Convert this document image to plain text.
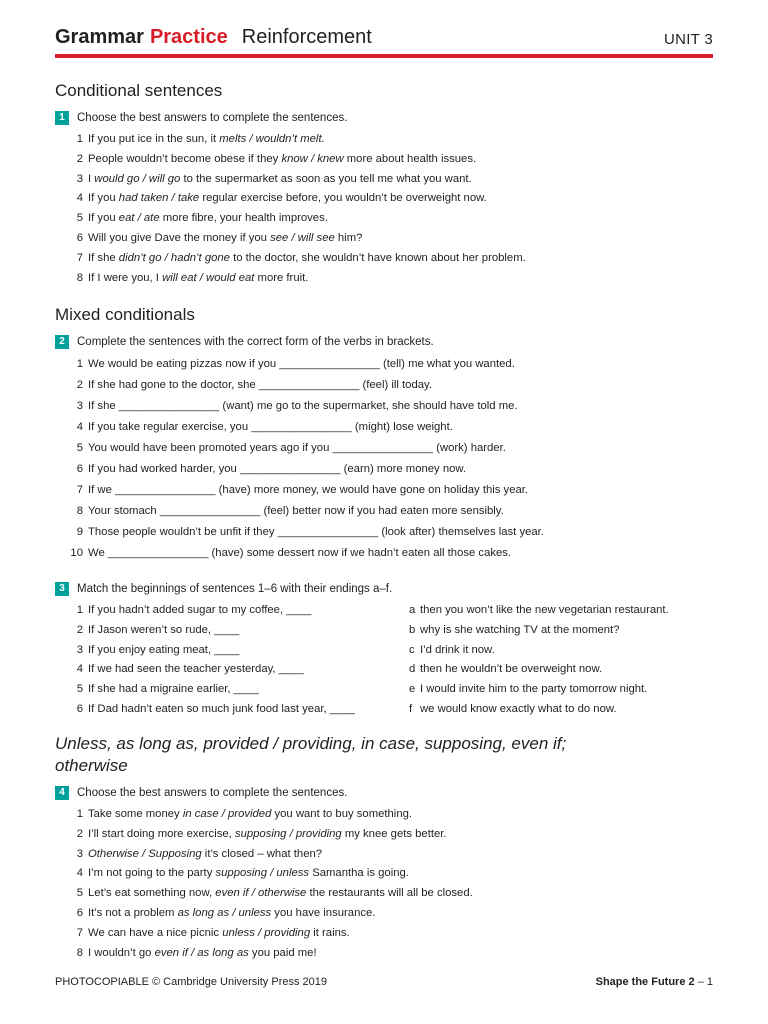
Grammar Practice Reinforcement	UNIT 3
Conditional sentences
1 Choose the best answers to complete the sentences.
1 If you put ice in the sun, it melts / wouldn’t melt.
2 People wouldn’t become obese if they know / knew more about health issues.
3 I would go / will go to the supermarket as soon as you tell me what you want.
4 If you had taken / take regular exercise before, you wouldn’t be overweight now.
5 If you eat / ate more fibre, your health improves.
6 Will you give Dave the money if you see / will see him?
7 If she didn’t go / hadn’t gone to the doctor, she wouldn’t have known about her problem.
8 If I were you, I will eat / would eat more fruit.
Mixed conditionals
2 Complete the sentences with the correct form of the verbs in brackets.
1 We would be eating pizzas now if you ________________ (tell) me what you wanted.
2 If she had gone to the doctor, she ________________ (feel) ill today.
3 If she ________________ (want) me go to the supermarket, she should have told me.
4 If you take regular exercise, you ________________ (might) lose weight.
5 You would have been promoted years ago if you ________________ (work) harder.
6 If you had worked harder, you ________________ (earn) more money now.
7 If we ________________ (have) more money, we would have gone on holiday this year.
8 Your stomach ________________ (feel) better now if you had eaten more sensibly.
9 Those people wouldn’t be unfit if they ________________ (look after) themselves last year.
10 We ________________ (have) some dessert now if we hadn’t eaten all those cakes.
3 Match the beginnings of sentences 1–6 with their endings a–f.
1 If you hadn’t added sugar to my coffee, ____	a then you won’t like the new vegetarian restaurant.
2 If Jason weren’t so rude, ____	b why is she watching TV at the moment?
3 If you enjoy eating meat, ____	c I’d drink it now.
4 If we had seen the teacher yesterday, ____	d then he wouldn’t be overweight now.
5 If she had a migraine earlier, ____	e I would invite him to the party tomorrow night.
6 If Dad hadn’t eaten so much junk food last year, ____	f we would know exactly what to do now.
Unless, as long as, provided / providing, in case, supposing, even if;
otherwise
4 Choose the best answers to complete the sentences.
1 Take some money in case / provided you want to buy something.
2 I’ll start doing more exercise, supposing / providing my knee gets better.
3 Otherwise / Supposing it’s closed – what then?
4 I’m not going to the party supposing / unless Samantha is going.
5 Let’s eat something now, even if / otherwise the restaurants will all be closed.
6 It’s not a problem as long as / unless you have insurance.
7 We can have a nice picnic unless / providing it rains.
8 I wouldn’t go even if / as long as you paid me!
PHOTOCOPIABLE © Cambridge University Press 2019	Shape the Future 2 – 1
